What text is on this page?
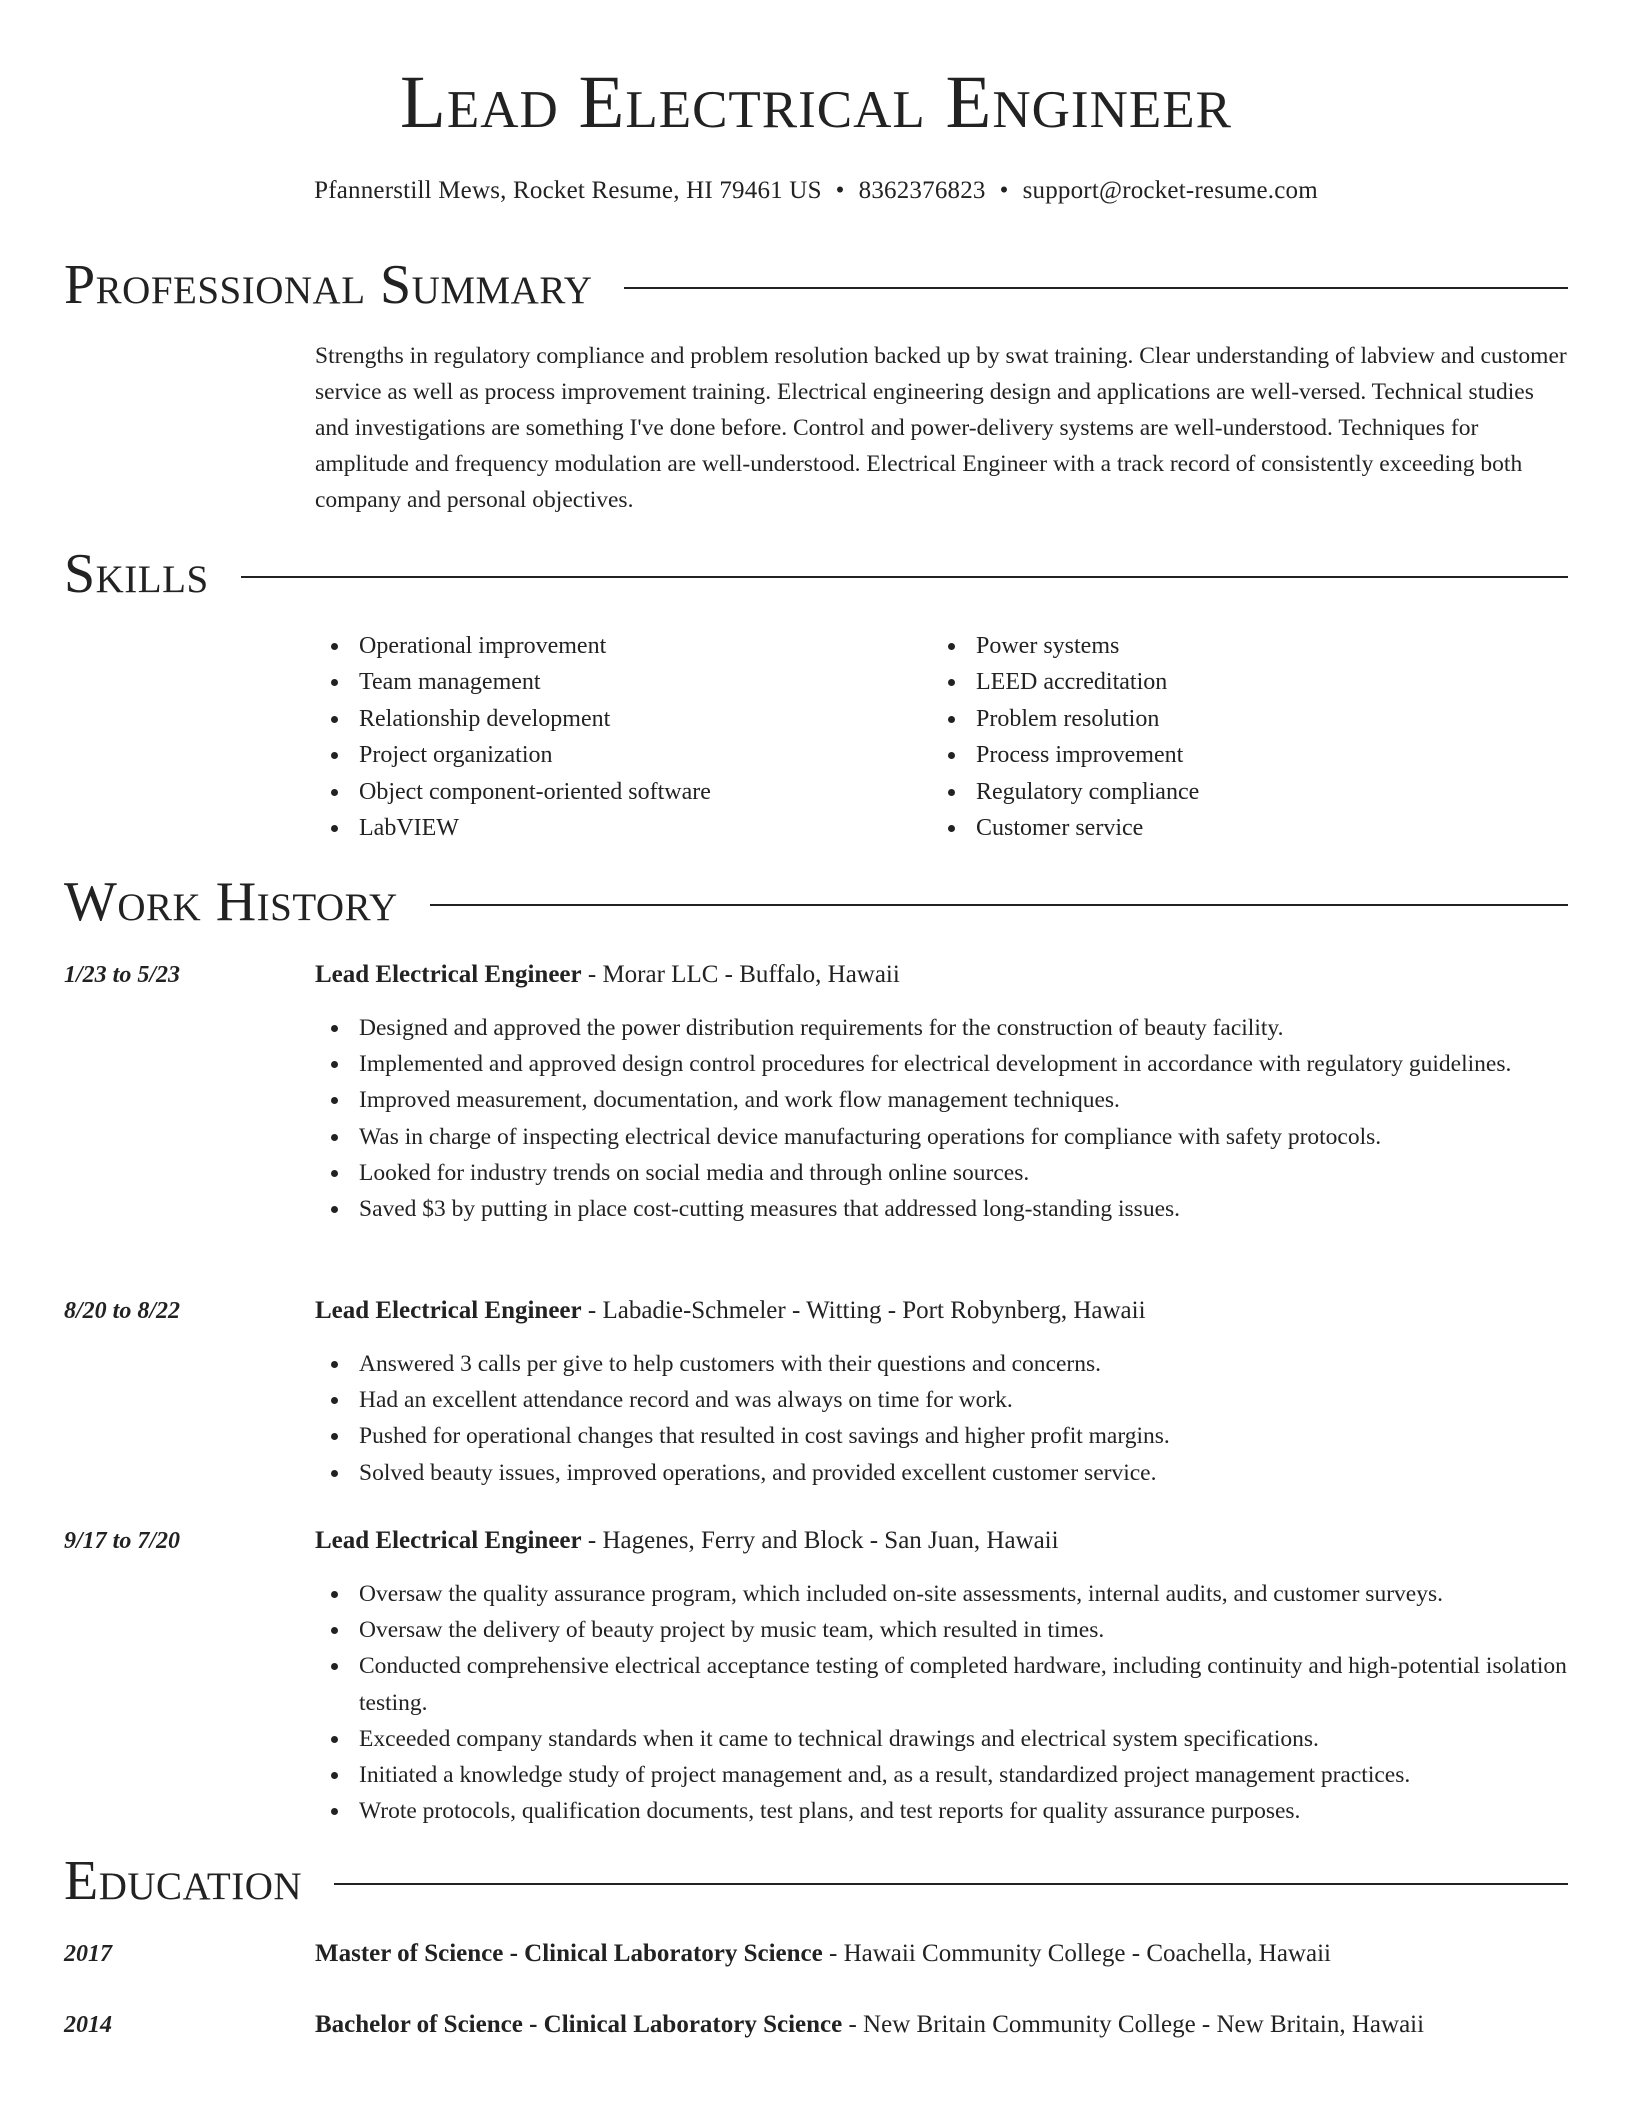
Lead Electrical Engineer
Pfannerstill Mews, Rocket Resume, HI 79461 US • 8362376823 • support@rocket-resume.com
Professional Summary
Strengths in regulatory compliance and problem resolution backed up by swat training. Clear understanding of labview and customer service as well as process improvement training. Electrical engineering design and applications are well-versed. Technical studies and investigations are something I've done before. Control and power-delivery systems are well-understood. Techniques for amplitude and frequency modulation are well-understood. Electrical Engineer with a track record of consistently exceeding both company and personal objectives.
Skills
Operational improvement
Team management
Relationship development
Project organization
Object component-oriented software
LabVIEW
Power systems
LEED accreditation
Problem resolution
Process improvement
Regulatory compliance
Customer service
Work History
1/23 to 5/23	Lead Electrical Engineer - Morar LLC - Buffalo, Hawaii
Designed and approved the power distribution requirements for the construction of beauty facility.
Implemented and approved design control procedures for electrical development in accordance with regulatory guidelines.
Improved measurement, documentation, and work flow management techniques.
Was in charge of inspecting electrical device manufacturing operations for compliance with safety protocols.
Looked for industry trends on social media and through online sources.
Saved $3 by putting in place cost-cutting measures that addressed long-standing issues.
8/20 to 8/22	Lead Electrical Engineer - Labadie-Schmeler - Witting - Port Robynberg, Hawaii
Answered 3 calls per give to help customers with their questions and concerns.
Had an excellent attendance record and was always on time for work.
Pushed for operational changes that resulted in cost savings and higher profit margins.
Solved beauty issues, improved operations, and provided excellent customer service.
9/17 to 7/20	Lead Electrical Engineer - Hagenes, Ferry and Block - San Juan, Hawaii
Oversaw the quality assurance program, which included on-site assessments, internal audits, and customer surveys.
Oversaw the delivery of beauty project by music team, which resulted in times.
Conducted comprehensive electrical acceptance testing of completed hardware, including continuity and high-potential isolation testing.
Exceeded company standards when it came to technical drawings and electrical system specifications.
Initiated a knowledge study of project management and, as a result, standardized project management practices.
Wrote protocols, qualification documents, test plans, and test reports for quality assurance purposes.
Education
2017	Master of Science - Clinical Laboratory Science - Hawaii Community College - Coachella, Hawaii
2014	Bachelor of Science - Clinical Laboratory Science - New Britain Community College - New Britain, Hawaii
